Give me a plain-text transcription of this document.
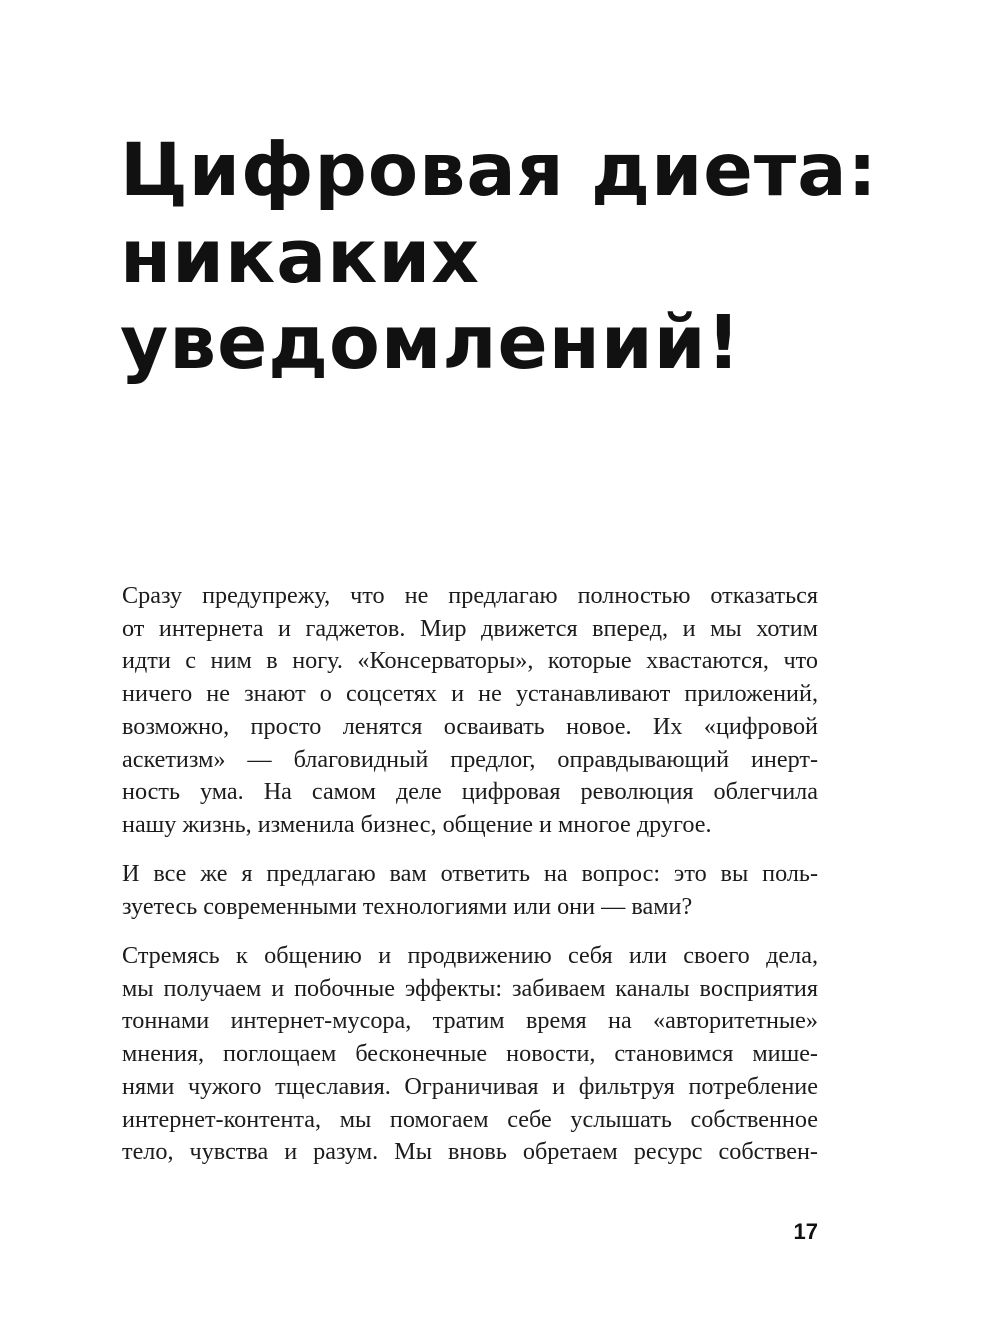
Цифровая диета:
никаких
уведомлений!

Сразу предупрежу, что не предлагаю полностью отказаться
от интернета и гаджетов. Мир движется вперед, и мы хотим
идти с ним в ногу. «Консерваторы», которые хвастаются, что
ничего не знают о соцсетях и не устанавливают приложений,
возможно, просто ленятся осваивать новое. Их «цифровой
аскетизм» — благовидный предлог, оправдывающий инерт-
ность ума. На самом деле цифровая революция облегчила
нашу жизнь, изменила бизнес, общение и многое другое.

И все же я предлагаю вам ответить на вопрос: это вы поль-
зуетесь современными технологиями или они — вами?

Стремясь к общению и продвижению себя или своего дела,
мы получаем и побочные эффекты: забиваем каналы восприятия
тоннами интернет-мусора, тратим время на «авторитетные»
мнения, поглощаем бесконечные новости, становимся мише-
нями чужого тщеславия. Ограничивая и фильтруя потребление
интернет-контента, мы помогаем себе услышать собственное
тело, чувства и разум. Мы вновь обретаем ресурс собствен-

17
